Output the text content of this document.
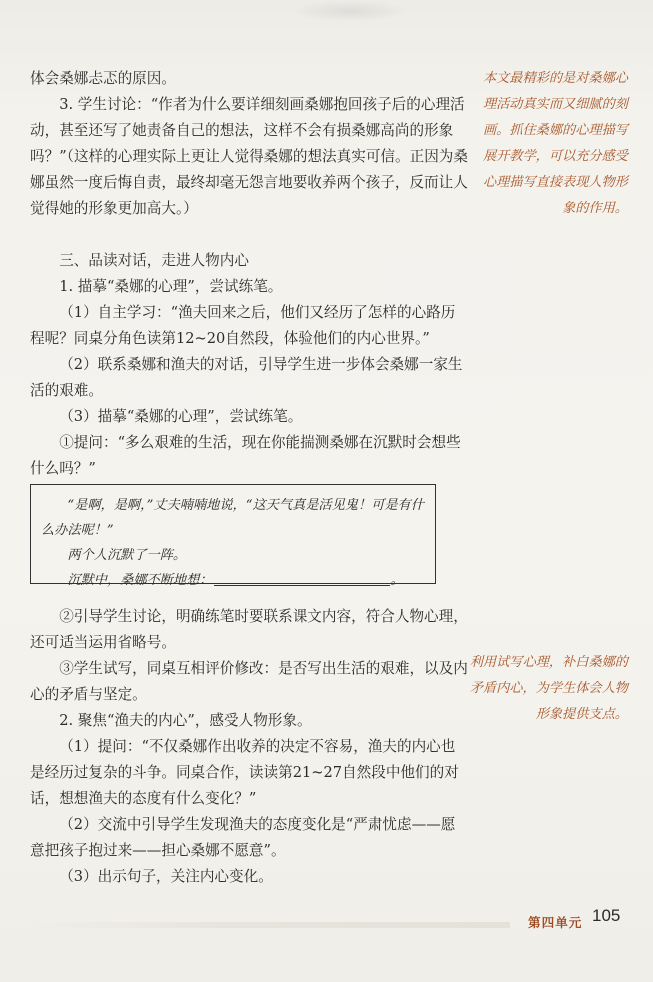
体会桑娜忐忑的原因。

3. 学生讨论：“作者为什么要详细刻画桑娜抱回孩子后的心理活动，甚至还写了她责备自己的想法，这样不会有损桑娜高尚的形象吗？”（这样的心理实际上更让人觉得桑娜的想法真实可信。正因为桑娜虽然一度后悔自责，最终却毫无怨言地要收养两个孩子，反而让人觉得她的形象更加高大。）

三、品读对话，走进人物内心

1. 描摹“桑娜的心理”，尝试练笔。

（1）自主学习：“渔夫回来之后，他们又经历了怎样的心路历程呢？同桌分角色读第12~20自然段，体验他们的内心世界。”

（2）联系桑娜和渔夫的对话，引导学生进一步体会桑娜一家生活的艰难。

（3）描摹“桑娜的心理”，尝试练笔。

①提问：“多么艰难的生活，现在你能揣测桑娜在沉默时会想些什么吗？”

“是啊，是啊，”丈夫喃喃地说，“这天气真是活见鬼！可是有什么办法呢！”

两个人沉默了一阵。

沉默中，桑娜不断地想：	。

②引导学生讨论，明确练笔时要联系课文内容，符合人物心理，还可适当运用省略号。

③学生试写，同桌互相评价修改：是否写出生活的艰难，以及内心的矛盾与坚定。

2. 聚焦“渔夫的内心”，感受人物形象。

（1）提问：“不仅桑娜作出收养的决定不容易，渔夫的内心也是经历过复杂的斗争。同桌合作，读读第21~27自然段中他们的对话，想想渔夫的态度有什么变化？”

（2）交流中引导学生发现渔夫的态度变化是“严肃忧虑——愿意把孩子抱过来——担心桑娜不愿意”。

（3）出示句子，关注内心变化。

本文最精彩的是对桑娜心理活动真实而又细腻的刻画。抓住桑娜的心理描写展开教学，可以充分感受心理描写直接表现人物形象的作用。
利用试写心理，补白桑娜的矛盾内心，为学生体会人物形象提供支点。
第四单元 105
